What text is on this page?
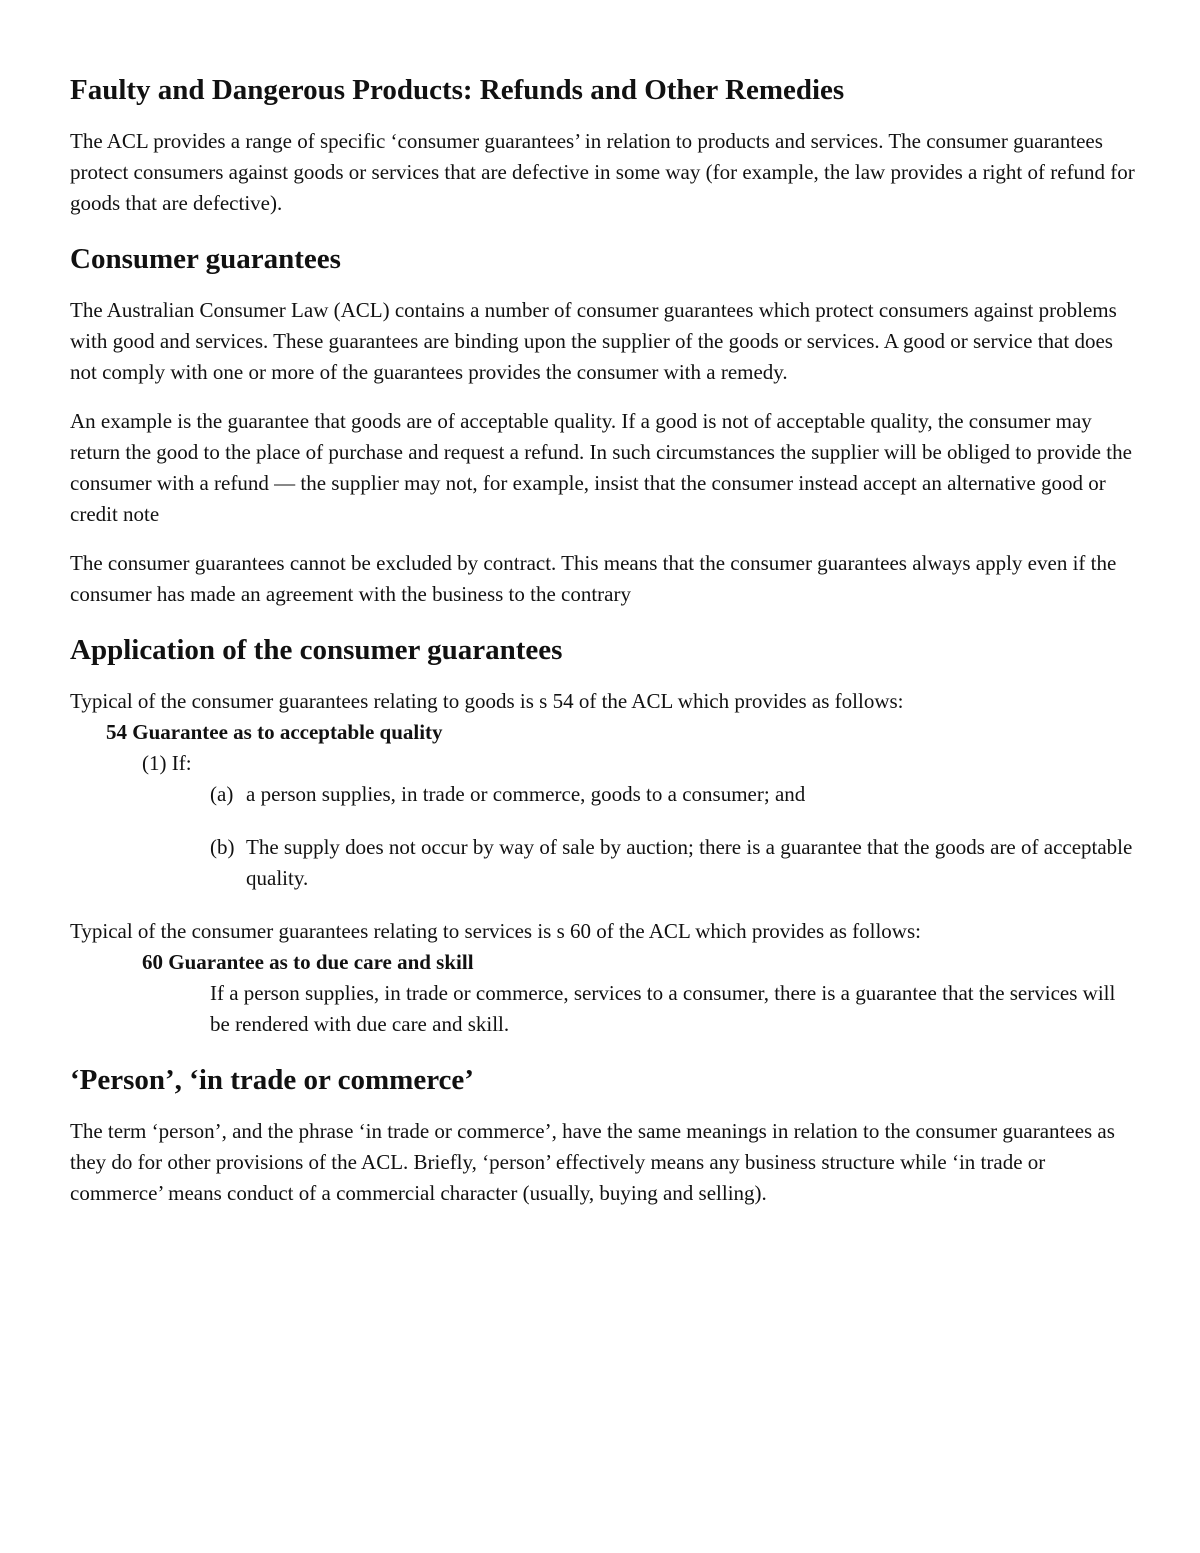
Faulty and Dangerous Products: Refunds and Other Remedies

The ACL provides a range of specific ‘consumer guarantees’ in relation to products and services. The consumer guarantees protect consumers against goods or services that are defective in some way (for example, the law provides a right of refund for goods that are defective).

Consumer guarantees

The Australian Consumer Law (ACL) contains a number of consumer guarantees which protect consumers against problems with good and services. These guarantees are binding upon the supplier of the goods or services. A good or service that does not comply with one or more of the guarantees provides the consumer with a remedy.

An example is the guarantee that goods are of acceptable quality. If a good is not of acceptable quality, the consumer may return the good to the place of purchase and request a refund. In such circumstances the supplier will be obliged to provide the consumer with a refund — the supplier may not, for example, insist that the consumer instead accept an alternative good or credit note

The consumer guarantees cannot be excluded by contract. This means that the consumer guarantees always apply even if the consumer has made an agreement with the business to the contrary

Application of the consumer guarantees
Typical of the consumer guarantees relating to goods is s 54 of the ACL which provides as follows:
54 Guarantee as to acceptable quality
(1) If:
(a) a person supplies, in trade or commerce, goods to a consumer; and
(b) The supply does not occur by way of sale by auction; there is a guarantee that the goods are of acceptable quality.
Typical of the consumer guarantees relating to services is s 60 of the ACL which provides as follows:
60 Guarantee as to due care and skill
If a person supplies, in trade or commerce, services to a consumer, there is a guarantee that the services will be rendered with due care and skill.
‘Person’, ‘in trade or commerce’

The term ‘person’, and the phrase ‘in trade or commerce’, have the same meanings in relation to the consumer guarantees as they do for other provisions of the ACL. Briefly, ‘person’ effectively means any business structure while ‘in trade or commerce’ means conduct of a commercial character (usually, buying and selling).
